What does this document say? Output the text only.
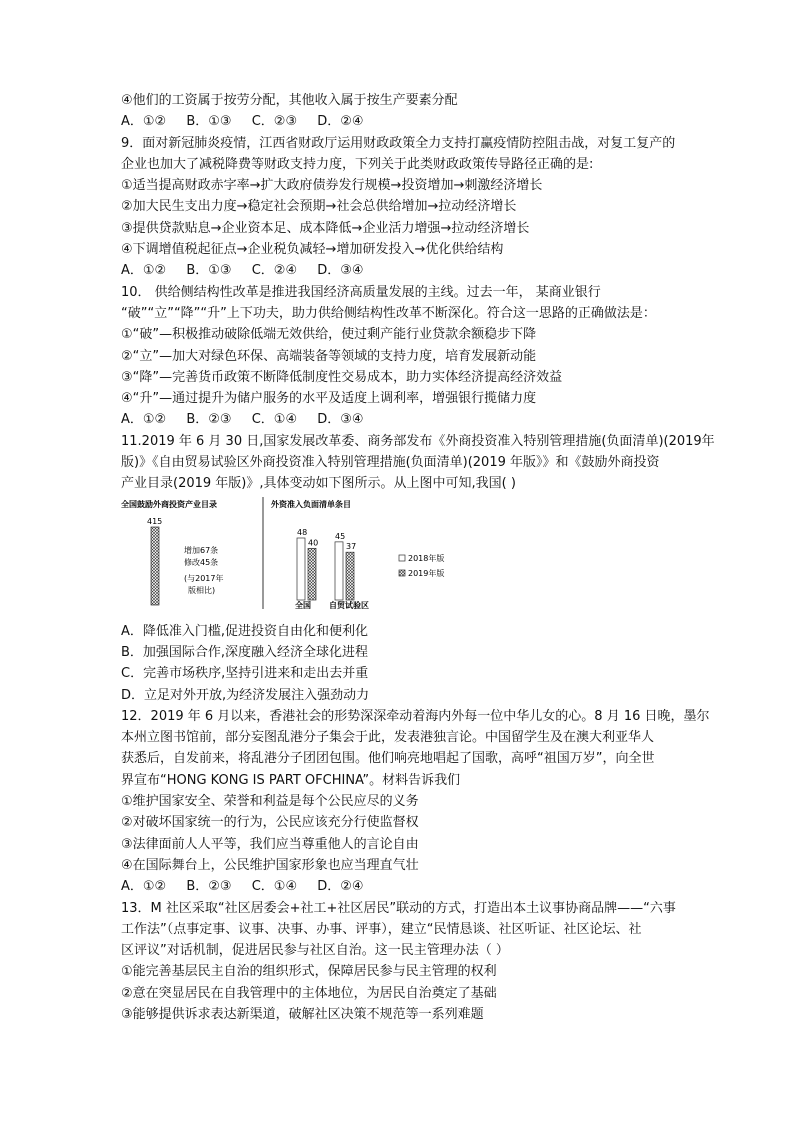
④他们的工资属于按劳分配，其他收入属于按生产要素分配
A．①② B．①③ C．②③ D．②④
9．面对新冠肺炎疫情，江西省财政厅运用财政政策全力支持打赢疫情防控阻击战，对复工复产的
企业也加大了减税降费等财政支持力度，下列关于此类财政政策传导路径正确的是:
①适当提高财政赤字率→扩大政府债券发行规模→投资增加→刺激经济增长
②加大民生支出力度→稳定社会预期→社会总供给增加→拉动经济增长
③提供贷款贴息→企业资本足、成本降低→企业活力增强→拉动经济增长
④下调增值税起征点→企业税负减轻→增加研发投入→优化供给结构
A．①② B．①③ C．②④ D．③④
10． 供给侧结构性改革是推进我国经济高质量发展的主线。过去一年， 某商业银行
“破”“立”“降”“升”上下功夫，助力供给侧结构性改革不断深化。符合这一思路的正确做法是：
①“破”—积极推动破除低端无效供给，使过剩产能行业贷款余额稳步下降
②“立”—加大对绿色环保、高端装备等领域的支持力度，培育发展新动能
③“降”—完善货币政策不断降低制度性交易成本，助力实体经济提高经济效益
④“升”—通过提升为储户服务的水平及适度上调利率，增强银行揽储力度
A．①② B．②③ C．①④ D．③④
11.2019 年 6 月 30 日,国家发展改革委、商务部发布《外商投资准入特别管理措施(负面清单)(2019年
版)》《自由贸易试验区外商投资准入特别管理措施(负面清单)(2019 年版》》和《鼓励外商投资
产业目录(2019 年版)》,具体变动如下图所示。从上图中可知,我国( )
全国鼓励外商投资产业目录
415
增加67条
修改45条
(与2017年
版相比)
外资准入负面清单条目
48
40
全国
45
37
自贸试验区
2018年版
2019年版
A．降低准入门槛,促进投资自由化和便利化
B．加强国际合作,深度融入经济全球化进程
C．完善市场秩序,坚持引进来和走出去并重
D．立足对外开放,为经济发展注入强劲动力
12．2019 年 6 月以来，香港社会的形势深深牵动着海内外每一位中华儿女的心。8 月 16 日晚，墨尔
本州立图书馆前，部分妄图乱港分子集会于此，发表港独言论。中国留学生及在澳大利亚华人
获悉后，自发前来，将乱港分子团团包围。他们响亮地唱起了国歌，高呼“祖国万岁”，向全世
界宣布“HONG KONG IS PART OFCHINA”。材料告诉我们
①维护国家安全、荣誉和利益是每个公民应尽的义务
②对破坏国家统一的行为，公民应该充分行使监督权
③法律面前人人平等，我们应当尊重他人的言论自由
④在国际舞台上，公民维护国家形象也应当理直气壮
A．①② B．②③ C．①④ D．②④
13．M 社区采取“社区居委会+社工+社区居民”联动的方式，打造出本土议事协商品牌——“六事
工作法”（点事定事、议事、决事、办事、评事），建立“民情恳谈、社区听证、社区论坛、社
区评议”对话机制，促进居民参与社区自治。这一民主管理办法（ ）
①能完善基层民主自治的组织形式，保障居民参与民主管理的权利
②意在突显居民在自我管理中的主体地位，为居民自治奠定了基础
③能够提供诉求表达新渠道，破解社区决策不规范等一系列难题
